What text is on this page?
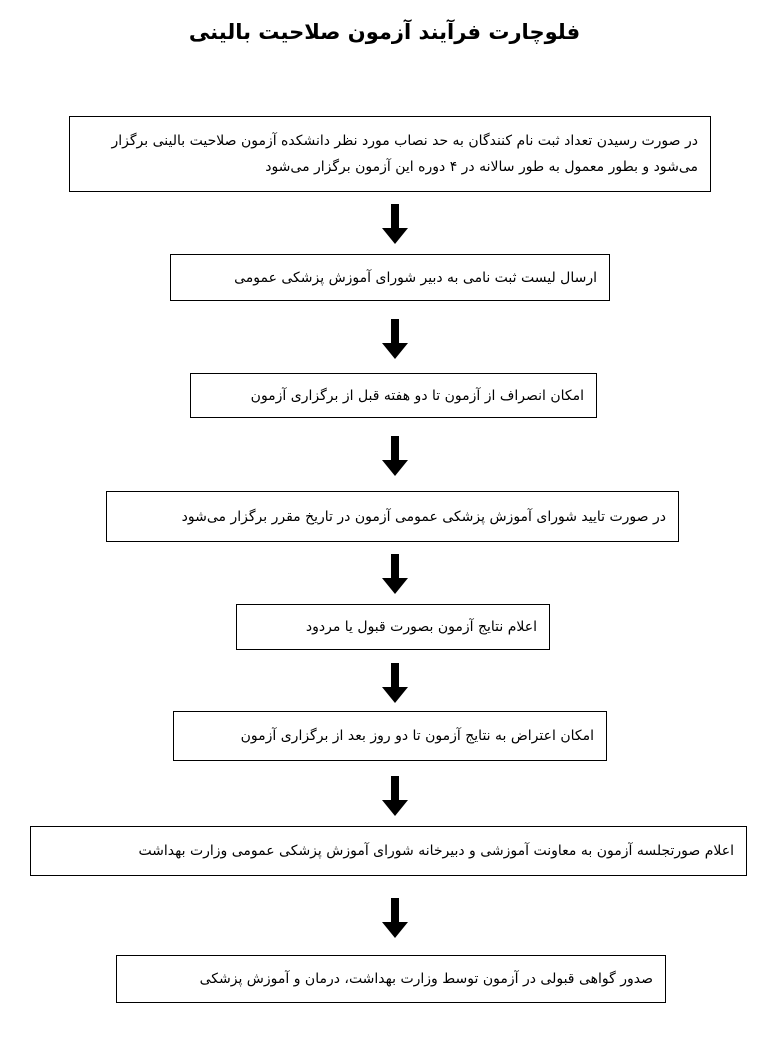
فلوچارت فرآیند آزمون صلاحیت بالینی
در صورت رسیدن تعداد ثبت نام کنندگان به حد نصاب مورد نظر دانشکده آزمون صلاحیت بالینی برگزار می‌شود و بطور معمول به طور سالانه در ۴ دوره این آزمون برگزار می‌شود
ارسال لیست ثبت نامی به دبیر شورای آموزش پزشکی عمومی
امکان انصراف از آزمون تا دو هفته قبل از برگزاری آزمون
در صورت تایید شورای آموزش پزشکی عمومی آزمون در تاریخ مقرر برگزار می‌شود
اعلام نتایج آزمون بصورت قبول یا مردود
امکان اعتراض به نتایج آزمون تا دو روز بعد از برگزاری آزمون
اعلام صورتجلسه آزمون به معاونت آموزشی و دبیرخانه شورای آموزش پزشکی عمومی وزارت بهداشت
صدور گواهی قبولی در آزمون توسط وزارت بهداشت، درمان و آموزش پزشکی
